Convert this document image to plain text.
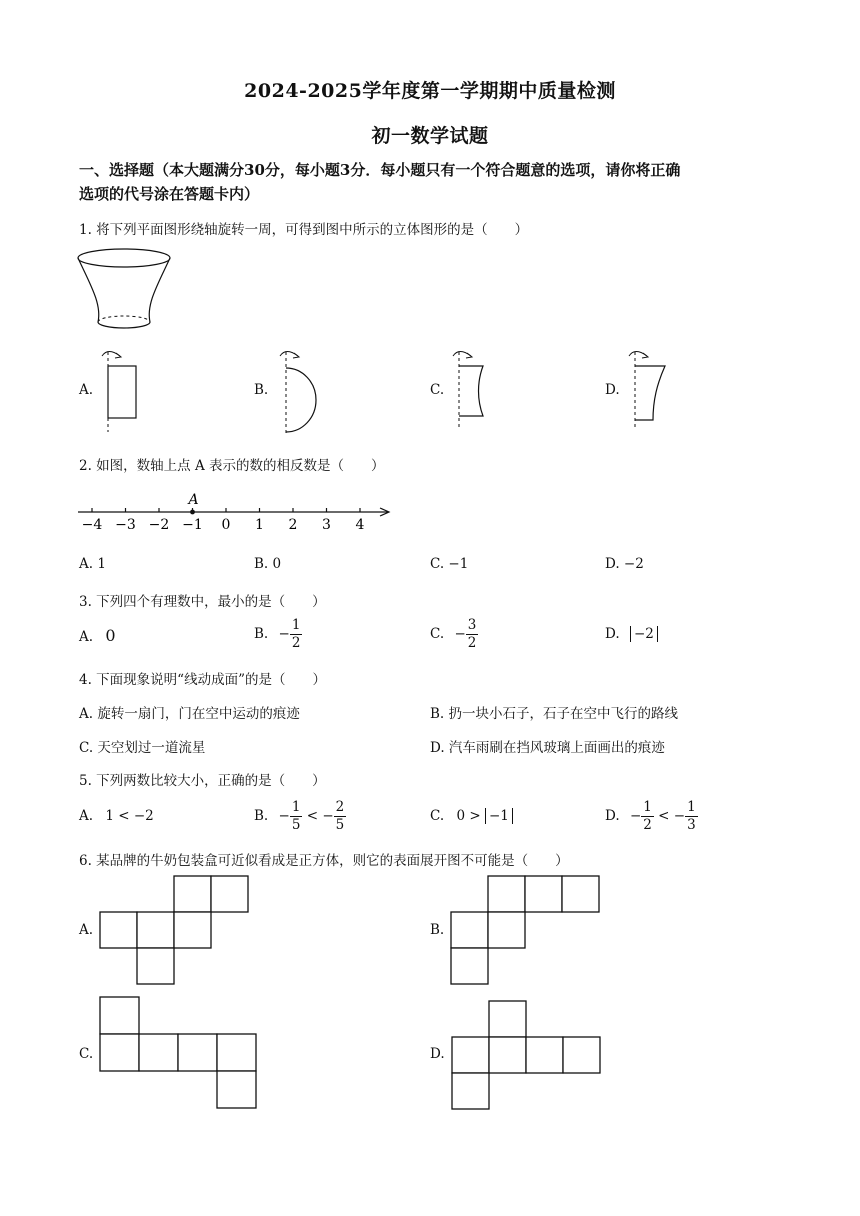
2024-2025学年度第一学期期中质量检测
初一数学试题
一、选择题（本大题满分30分，每小题3分．每小题只有一个符合题意的选项，请你将正确
选项的代号涂在答题卡内）
1. 将下列平面图形绕轴旋转一周，可得到图中所示的立体图形的是（　　）
A.	B.	C.	D.
2. 如图，数轴上点 A 表示的数的相反数是（　　）
−4 −3 −2 −1 0 1 2 3 4
A
A. 1	B. 0	C. −1	D. −2
3. 下列四个有理数中，最小的是（　　）
A. 0	B. − $\frac{1}{2}$	C. − $\frac{3}{2}$	D. −2
4. 下面现象说明“线动成面”的是（　　）
A. 旋转一扇门，门在空中运动的痕迹	B. 扔一块小石子，石子在空中飞行的路线
C. 天空划过一道流星	D. 汽车雨刷在挡风玻璃上面画出的痕迹
5. 下列两数比较大小，正确的是（　　）
A. 1 < −2	B. − $\frac{1}{5}$ < − $\frac{2}{5}$	C. 0 > −1	D. − $\frac{1}{2}$ < − $\frac{1}{3}$
6. 某品牌的牛奶包装盒可近似看成是正方体，则它的表面展开图不可能是（　　）
A.	B.
C.	D.
